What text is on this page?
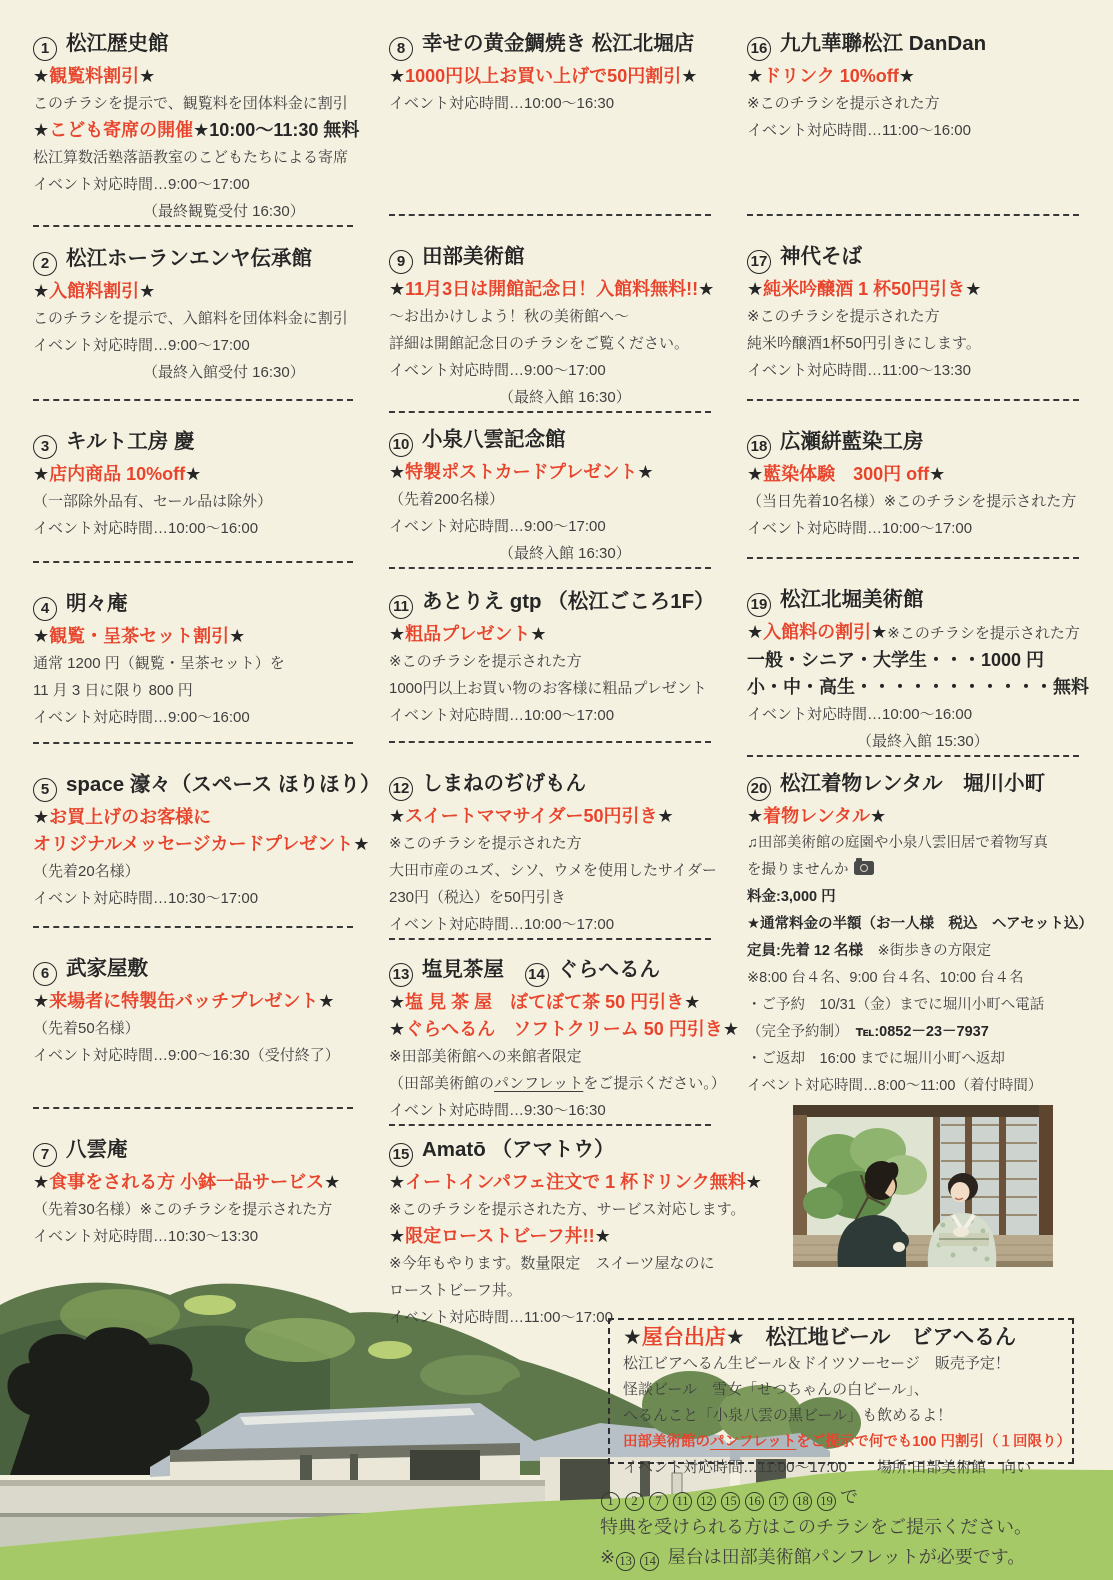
1 松江歴史館
★観覧料割引★
このチラシを提示で、観覧料を団体料金に割引
★こども寄席の開催★10:00～11:30 無料
松江算数活塾落語教室のこどもたちによる寄席
イベント対応時間…9:00～17:00
（最終観覧受付 16:30）
2 松江ホーランエンヤ伝承館
★入館料割引★
このチラシを提示で、入館料を団体料金に割引
イベント対応時間…9:00～17:00
（最終入館受付 16:30）
3 キルト工房 慶
★店内商品 10%off★
（一部除外品有、セール品は除外）
イベント対応時間…10:00～16:00
4 明々庵
★観覧・呈茶セット割引★
通常 1200 円（観覧・呈茶セット）を
11 月 3 日に限り 800 円
イベント対応時間…9:00～16:00
5 space 濠々（スペース ほりほり）
★お買上げのお客様に
オリジナルメッセージカードプレゼント★
（先着20名様）
イベント対応時間…10:30～17:00
6 武家屋敷
★来場者に特製缶バッチプレゼント★
（先着50名様）
イベント対応時間…9:00～16:30（受付終了）
7 八雲庵
★食事をされる方 小鉢一品サービス★
（先着30名様）※このチラシを提示された方
イベント対応時間…10:30～13:30
8 幸せの黄金鯛焼き 松江北堀店
★1000円以上お買い上げで50円割引★
イベント対応時間…10:00～16:30
9 田部美術館
★11月3日は開館記念日！入館料無料!!★
～お出かけしよう！秋の美術館へ～
詳細は開館記念日のチラシをご覧ください。
イベント対応時間…9:00～17:00
（最終入館 16:30）
10 小泉八雲記念館
★特製ポストカードプレゼント★
（先着200名様）
イベント対応時間…9:00～17:00
（最終入館 16:30）
11 あとりえ gtp （松江ごころ1F）
★粗品プレゼント★
※このチラシを提示された方
1000円以上お買い物のお客様に粗品プレゼント
イベント対応時間…10:00～17:00
12 しまねのぢげもん
★スイートママサイダー50円引き★
※このチラシを提示された方
大田市産のユズ、シソ、ウメを使用したサイダー
230円（税込）を50円引き
イベント対応時間…10:00～17:00
13 塩見茶屋　 14 ぐらへるん
★塩 見 茶 屋　ぼてぼて茶 50 円引き★
★ぐらへるん　ソフトクリーム 50 円引き★
※田部美術館への来館者限定
（田部美術館のパンフレットをご提示ください。）
イベント対応時間…9:30～16:30
15 Amatō （アマトウ）
★イートインパフェ注文で 1 杯ドリンク無料★
※このチラシを提示された方、サービス対応します。
★限定ローストビーフ丼!!★
※今年もやります。数量限定　スイーツ屋なのに
ローストビーフ丼。
イベント対応時間…11:00～17:00
16 九九華聯松江 DanDan
★ドリンク 10%off★
※このチラシを提示された方
イベント対応時間…11:00～16:00
17 神代そば
★純米吟醸酒 1 杯50円引き★
※このチラシを提示された方
純米吟醸酒1杯50円引きにします。
イベント対応時間…11:00～13:30
18 広瀬絣藍染工房
★藍染体験　300円 off★
（当日先着10名様）※このチラシを提示された方
イベント対応時間…10:00～17:00
19 松江北堀美術館
★入館料の割引★※このチラシを提示された方
一般・シニア・大学生・・・1000 円
小・中・高生・・・・・・・・・・・無料
イベント対応時間…10:00～16:00
（最終入館 15:30）
20 松江着物レンタル　堀川小町
★着物レンタル★
♫田部美術館の庭園や小泉八雲旧居で着物写真
を撮りませんか
料金:3,000 円
★通常料金の半額（お一人様　税込　ヘアセット込）
定員:先着 12 名様　※街歩きの方限定
※8:00 台４名、9:00 台４名、10:00 台４名
・ご予約　10/31（金）までに堀川小町へ電話
（完全予約制）　℡:0852－23－7937
・ご返却　16:00 までに堀川小町へ返却
イベント対応時間…8:00～11:00（着付時間）
★屋台出店★　松江地ビール　ビアへるん
松江ビアへるん生ビール＆ドイツソーセージ　販売予定！
怪談ビール　雪女「せつちゃんの白ビール」、
へるんこと「小泉八雲の黒ビール」も飲めるよ！
田部美術館のパンフレットをご提示で何でも100 円割引（１回限り）
イベント対応時間…11:00～17:00　　場所:田部美術館　向い
1 2 7 11 12 15 16 17 18 19 で
特典を受けられる方はこのチラシをご提示ください。
※ 13 14 屋台は田部美術館パンフレットが必要です。
